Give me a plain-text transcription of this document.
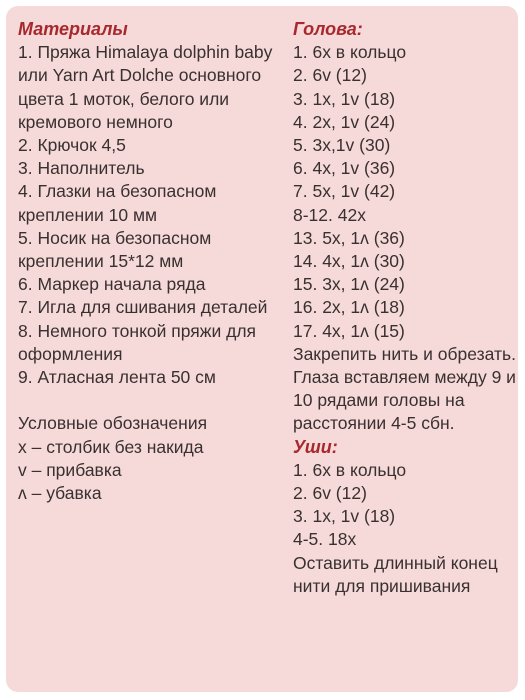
Материалы
1. Пряжа Himalaya dolphin baby или Yarn Art Dolche основного цвета 1 моток, белого или кремового немного
2. Крючок 4,5
3. Наполнитель
4. Глазки на безопасном креплении 10 мм
5. Носик на безопасном креплении 15*12 мм
6. Маркер начала ряда
7. Игла для сшивания деталей
8. Немного тонкой пряжи для оформления
9. Атласная лента 50 см
Условные обозначения
x – столбик без накида
v – прибавка
ʌ – убавка
Голова:
1. 6х в кольцо
2. 6v (12)
3. 1x, 1v (18)
4. 2x, 1v (24)
5. 3x,1v (30)
6. 4x, 1v (36)
7. 5x, 1v (42)
8-12. 42x
13. 5x, 1ʌ (36)
14. 4x, 1ʌ (30)
15. 3x, 1ʌ (24)
16. 2x, 1ʌ (18)
17. 4x, 1ʌ (15)
Закрепить нить и обрезать.
Глаза вставляем между 9 и 10 рядами головы на расстоянии 4-5 сбн.
Уши:
1. 6х в кольцо
2. 6v (12)
3. 1x, 1v (18)
4-5. 18x
Оставить длинный конец нити для пришивания
